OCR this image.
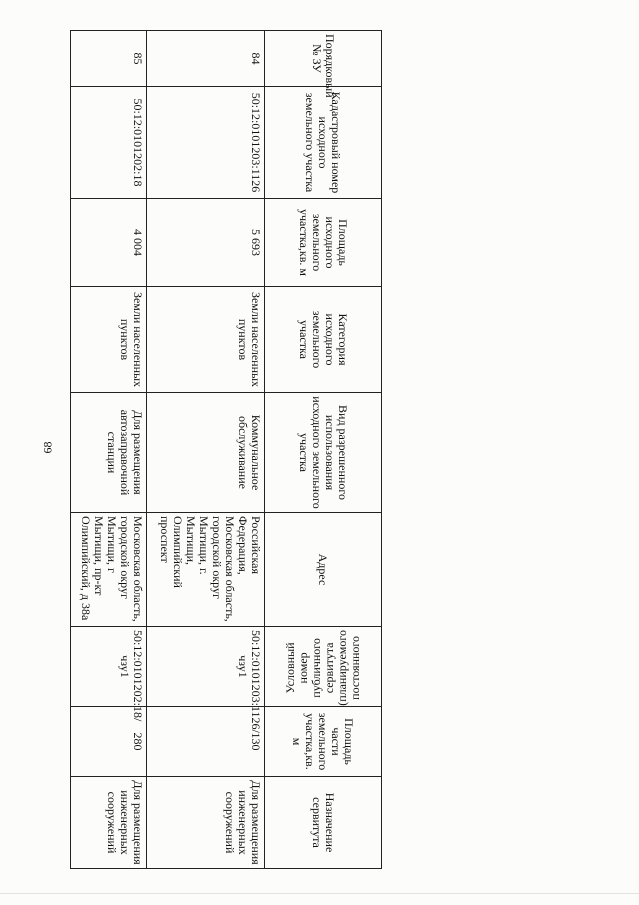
68
Порядковый № ЗУ	Кадастровый номер исходного земельного участка	Площадь исходного земельного участка,кв. м	Категория исходного земельного участка	Вид разрешенного использования исходного земельного участка	Адрес	Условный номер публичного сервитута (планируемого постоянного	Площадь части земельного участка,кв. м	Назначение сервитута
84	50:12:0101203:1126	5 693	Земли населенных пунктов	Коммунальное обслуживание	Российская Федерация, Московская область, городской округ Мытищи, г. Мытищи, Олимпийский проспект	50:12:0101203:1126/чзу1	130	Для размещения инженерных сооружений
85	50:12:0101202:18	4 004	Земли населенных пунктов	Для размещения автозаправочной станции	Московская область, городской округ Мытищи, г Мытищи, пр-кт Олимпийский, д 38а	50:12:0101202:18/чзу1	280	Для размещения инженерных сооружений
